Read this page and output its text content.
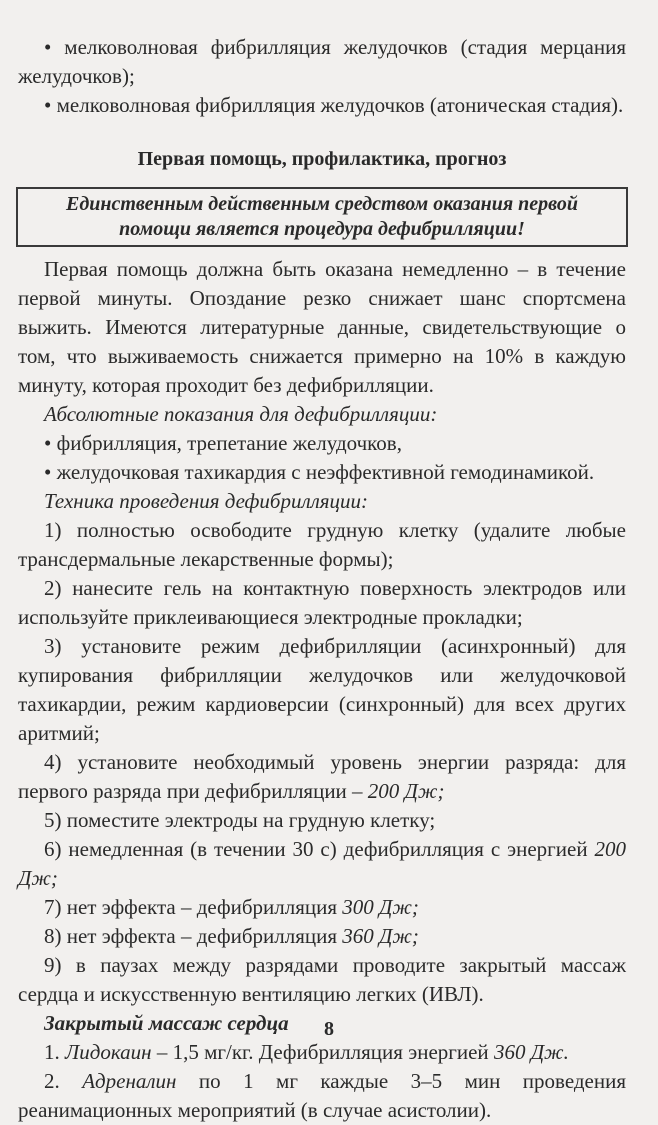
• мелковолновая фибрилляция желудочков (стадия мерцания желудочков);

• мелковолновая фибрилляция желудочков (атоническая стадия).

Первая помощь, профилактика, прогноз

Единственным действенным средством оказания первой помощи является процедура дефибрилляции!

Первая помощь должна быть оказана немедленно – в течение первой минуты. Опоздание резко снижает шанс спортсмена выжить. Имеются литературные данные, свидетельствующие о том, что выживаемость снижается примерно на 10% в каждую минуту, которая проходит без дефибрилляции.

Абсолютные показания для дефибрилляции:

• фибрилляция, трепетание желудочков,

• желудочковая тахикардия с неэффективной гемодинамикой.

Техника проведения дефибрилляции:

1) полностью освободите грудную клетку (удалите любые трансдермальные лекарственные формы);

2) нанесите гель на контактную поверхность электродов или используйте приклеивающиеся электродные прокладки;

3) установите режим дефибрилляции (асинхронный) для купирования фибрилляции желудочков или желудочковой тахикардии, режим кардиоверсии (синхронный) для всех других аритмий;

4) установите необходимый уровень энергии разряда: для первого разряда при дефибрилляции – 200 Дж;

5) поместите электроды на грудную клетку;

6) немедленная (в течении 30 с) дефибрилляция с энергией 200 Дж;

7) нет эффекта – дефибрилляция 300 Дж;

8) нет эффекта – дефибрилляция 360 Дж;

9) в паузах между разрядами проводите закрытый массаж сердца и искусственную вентиляцию легких (ИВЛ).

Закрытый массаж сердца

1. Лидокаин – 1,5 мг/кг. Дефибрилляция энергией 360 Дж.

2. Адреналин по 1 мг каждые 3–5 мин проведения реанимационных мероприятий (в случае асистолии).

8
